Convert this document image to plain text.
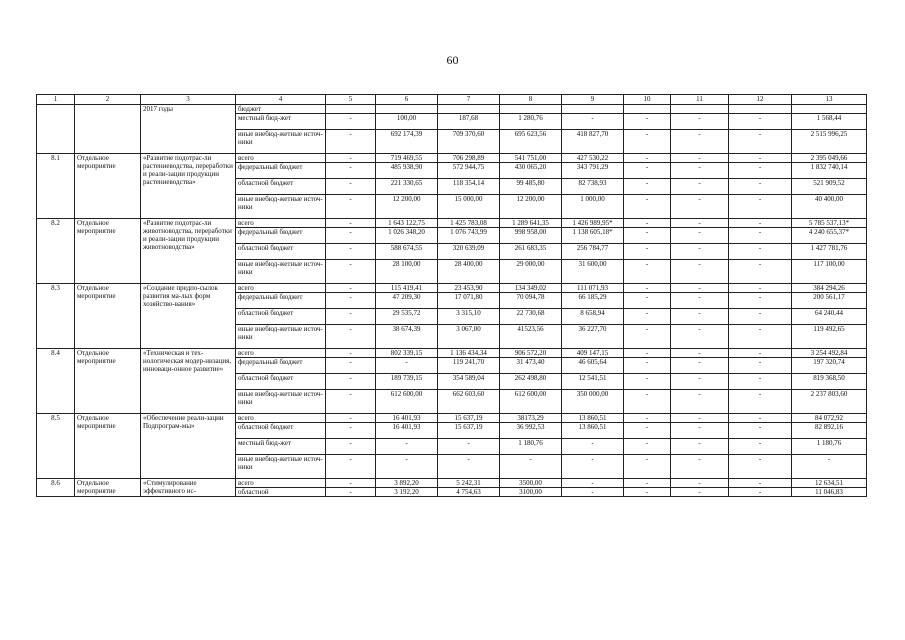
60
1	2	3	4	5	6	7	8	9	10	11	12	13
		2017 годы	бюджет									
			местный бюд-жет	-	100,00	187,68	1 280,76	-	-	-	-	1 568,44
			иные внебюд-жетные источ-ники	-	692 174,39	709 370,60	695 623,56	418 827,70	-	-	-	2 515 996,25
8.1	Отдельное мероприятие	«Развитие подотрас-ли растениеводства, переработки и реали-зации продукции растениеводства»	всего	-	719 469,55	706 298,89	541 751,00	427 530,22	-	-	-	2 395 049,66
			федеральный бюджет	-	485 938,90	572 944,75	430 065,20	343 791,29	-	-	-	1 832 740,14
			областной бюджет	-	221 330,65	118 354,14	99 485,80	82 738,93	-	-	-	521 909,52
			иные внебюд-жетные источ-ники	-	12 200,00	15 000,00	12 200,00	1 000,00	-	-	-	40 400,00
8.2	Отдельное мероприятие	«Развитие подотрас-ли животноводства, переработки и реали-зации продукции животноводства»	всего	-	1 643 122,75	1 425 783,08	1 289 641,35	1 426 989,95*	-	-	-	5 785 537,13*
			федеральный бюджет	-	1 026 348,20	1 076 743,99	998 958,00	1 138 605,18*	-	-	-	4 240 655,37*
			областной бюджет	-	588 674,55	320 639,09	261 683,35	256 784,77	-	-	-	1 427 781,76
			иные внебюд-жетные источ-ники	-	28 100,00	28 400,00	29 000,00	31 600,00	-	-	-	117 100,00
8.3	Отдельное мероприятие	«Создание предпо-сылок развития ма-лых форм хозяйство-вания»	всего	-	115 419,41	23 453,90	134 349,02	111 071,93	-	-	-	384 294,26
			федеральный бюджет	-	47 209,30	17 071,80	70 094,78	66 185,29	-	-	-	200 561,17
			областной бюджет	-	29 535,72	3 315,10	22 730,68	8 658,94	-	-	-	64 240,44
			иные внебюд-жетные источ-ники	-	38 674,39	3 067,00	41523,56	36 227,70	-	-	-	119 492,65
8.4	Отдельное мероприятие	«Техническая и тех-нологическая модер-низация, инноваци-онное развитие»	всего	-	802 339,15	1 136 434,34	906 572,20	409 147,15	-	-	-	3 254 492,84
			федеральный бюджет	-	-	119 241,70	31 473,40	46 605,64	-	-	-	197 320,74
			областной бюджет	-	189 739,15	354 589,04	262 498,80	12 541,51	-	-	-	819 368,50
			иные внебюд-жетные источ-ники	-	612 600,00	662 603,60	612 600,00	350 000,00	-	-	-	2 237 803,60
8.5	Отдельное мероприятие	«Обеспечение реали-зации Подпрограм-мы»	всего	-	16 401,93	15 637,19	38173,29	13 860,51	-	-	-	84 072,92
			областной бюджет	-	16 401,93	15 637,19	36 992,53	13 860,51	-	-	-	82 892,16
			местный бюд-жет	-	-	-	1 180,76	-	-	-	-	1 180,76
			иные внебюд-жетные источ-ники	-	-	-	-	-	-	-	-	-
8.6	Отдельное мероприятие	«Стимулирование эффективного ис-	всего	-	3 892,20	5 242,31	3500,00	-	-	-	-	12 634,51
			областной	-	3 192,20	4 754,63	3100,00	-	-	-	-	11 046,83
